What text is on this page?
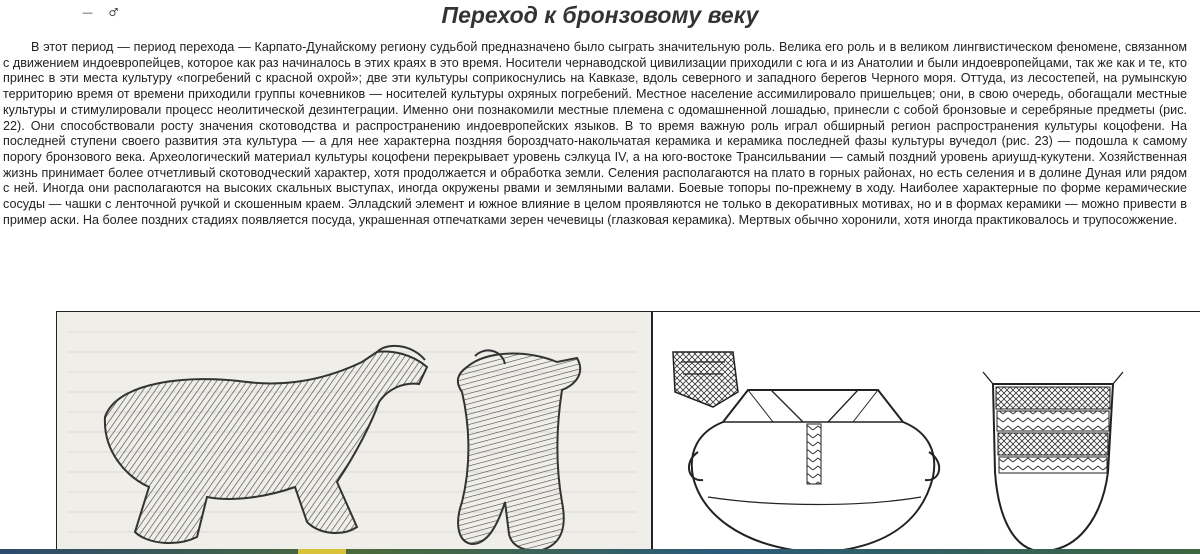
— ♂	Переход к бронзовому веку

В этот период — период перехода — Карпато-Дунайскому региону судьбой предназначено было сыграть значительную роль. Велика его роль и в великом лингвистическом феномене, связанном с движением индоевропейцев, которое как раз начиналось в этих краях в это время. Носители чернаводской цивилизации приходили с юга и из Анатолии и были индоевропейцами, так же как и те, кто принес в эти места культуру «погребений с красной охрой»; две эти культуры соприкоснулись на Кавказе, вдоль северного и западного берегов Черного моря. Оттуда, из лесостепей, на румынскую территорию время от времени приходили группы кочевников — носителей культуры охряных погребений. Местное население ассимилировало пришельцев; они, в свою очередь, обогащали местные культуры и стимулировали процесс неолитической дезинтеграции. Именно они познакомили местные племена с одомашненной лошадью, принесли с собой бронзовые и серебряные предметы (рис. 22). Они способствовали росту значения скотоводства и распространению индоевропейских языков. В то время важную роль играл обширный регион распространения культуры коцофени. На последней ступени своего развития эта культура — а для нее характерна поздняя бороздчато-накольчатая керамика и керамика последней фазы культуры вучедол (рис. 23) — подошла к самому порогу бронзового века. Археологический материал культуры коцофени перекрывает уровень сэлкуца IV, а на юго-востоке Трансильвании — самый поздний уровень ариушд-кукутени. Хозяйственная жизнь принимает более отчетливый скотоводческий характер, хотя продолжается и обработка земли. Селения располагаются на плато в горных районах, но есть селения и в долине Дуная или рядом с ней. Иногда они располагаются на высоких скальных выступах, иногда окружены рвами и земляными валами. Боевые топоры по-прежнему в ходу. Наиболее характерные по форме керамические сосуды — чашки с ленточной ручкой и скошенным краем. Элладский элемент и южное влияние в целом проявляются не только в декоративных мотивах, но и в формах керамики — можно привести в пример аски. На более поздних стадиях появляется посуда, украшенная отпечатками зерен чечевицы (глазковая керамика). Мертвых обычно хоронили, хотя иногда практиковалось и трупосожжение.
